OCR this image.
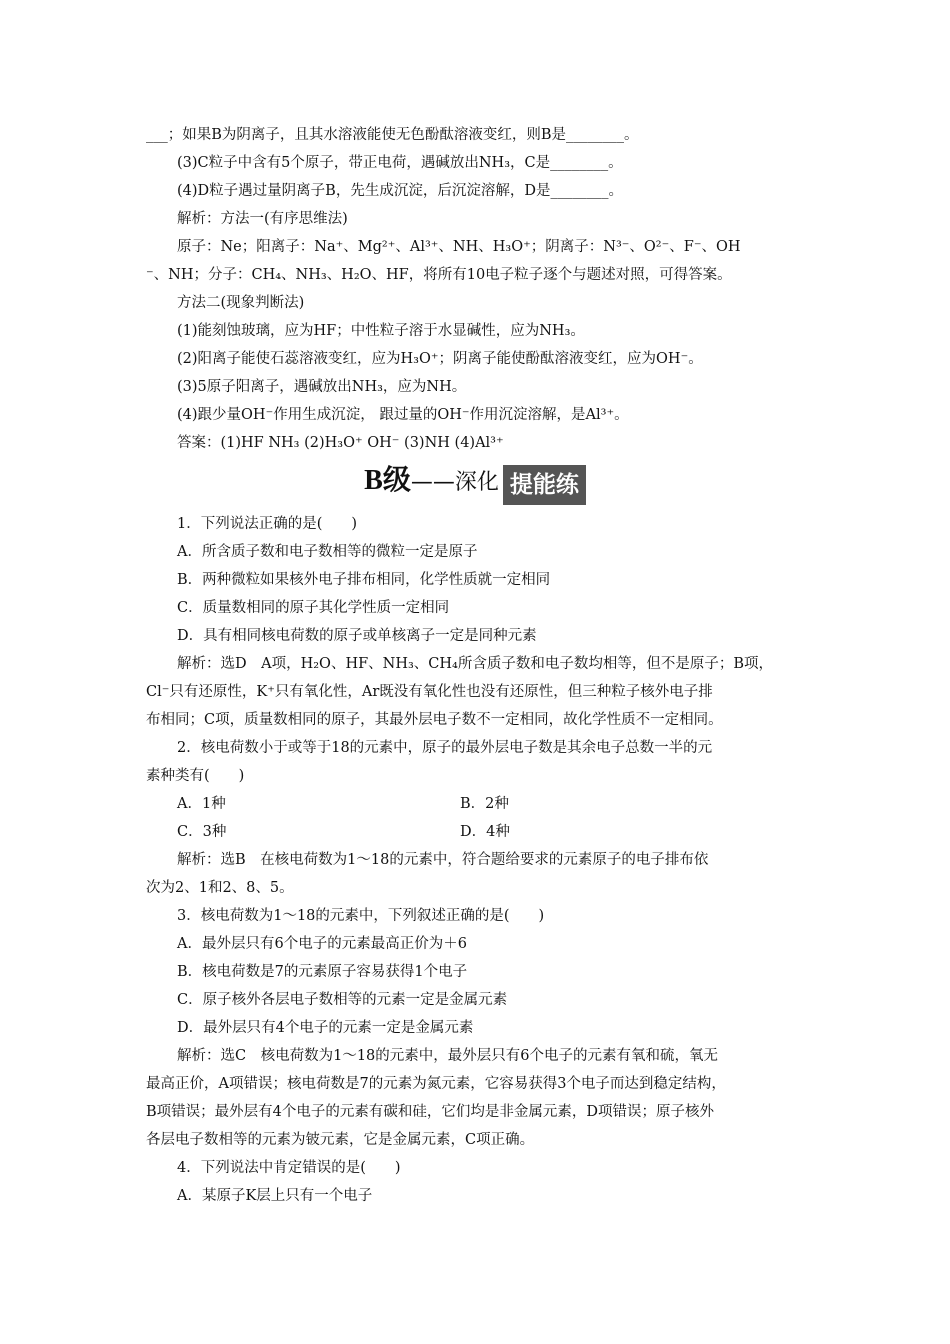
___；如果B为阴离子，且其水溶液能使无色酚酞溶液变红，则B是________。
(3)C粒子中含有5个原子，带正电荷，遇碱放出NH₃，C是________。
(4)D粒子遇过量阴离子B，先生成沉淀，后沉淀溶解，D是________。
解析：方法一(有序思维法)
原子：Ne；阳离子：Na⁺、Mg²⁺、Al³⁺、NH、H₃O⁺；阴离子：N³⁻、O²⁻、F⁻、OH
⁻、NH；分子：CH₄、NH₃、H₂O、HF，将所有10电子粒子逐个与题述对照，可得答案。
方法二(现象判断法)
(1)能刻蚀玻璃，应为HF；中性粒子溶于水显碱性，应为NH₃。
(2)阳离子能使石蕊溶液变红，应为H₃O⁺；阴离子能使酚酞溶液变红，应为OH⁻。
(3)5原子阳离子，遇碱放出NH₃，应为NH。
(4)跟少量OH⁻作用生成沉淀， 跟过量的OH⁻作用沉淀溶解，是Al³⁺。
答案：(1)HF NH₃ (2)H₃O⁺ OH⁻ (3)NH (4)Al³⁺
B级——深化 提能练
1．下列说法正确的是(　　)
A．所含质子数和电子数相等的微粒一定是原子
B．两种微粒如果核外电子排布相同，化学性质就一定相同
C．质量数相同的原子其化学性质一定相同
D．具有相同核电荷数的原子或单核离子一定是同种元素
解析：选D　A项，H₂O、HF、NH₃、CH₄所含质子数和电子数均相等，但不是原子；B项，
Cl⁻只有还原性，K⁺只有氧化性，Ar既没有氧化性也没有还原性，但三种粒子核外电子排
布相同；C项，质量数相同的原子，其最外层电子数不一定相同，故化学性质不一定相同。
2．核电荷数小于或等于18的元素中，原子的最外层电子数是其余电子总数一半的元
素种类有(　　)
A．1种	B．2种
C．3种	D．4种
解析：选B　在核电荷数为1～18的元素中，符合题给要求的元素原子的电子排布依
次为2、1和2、8、5。
3．核电荷数为1～18的元素中，下列叙述正确的是(　　)
A．最外层只有6个电子的元素最高正价为＋6
B．核电荷数是7的元素原子容易获得1个电子
C．原子核外各层电子数相等的元素一定是金属元素
D．最外层只有4个电子的元素一定是金属元素
解析：选C　核电荷数为1～18的元素中，最外层只有6个电子的元素有氧和硫，氧无
最高正价，A项错误；核电荷数是7的元素为氮元素，它容易获得3个电子而达到稳定结构，
B项错误；最外层有4个电子的元素有碳和硅，它们均是非金属元素，D项错误；原子核外
各层电子数相等的元素为铍元素，它是金属元素，C项正确。
4．下列说法中肯定错误的是(　　)
A．某原子K层上只有一个电子
